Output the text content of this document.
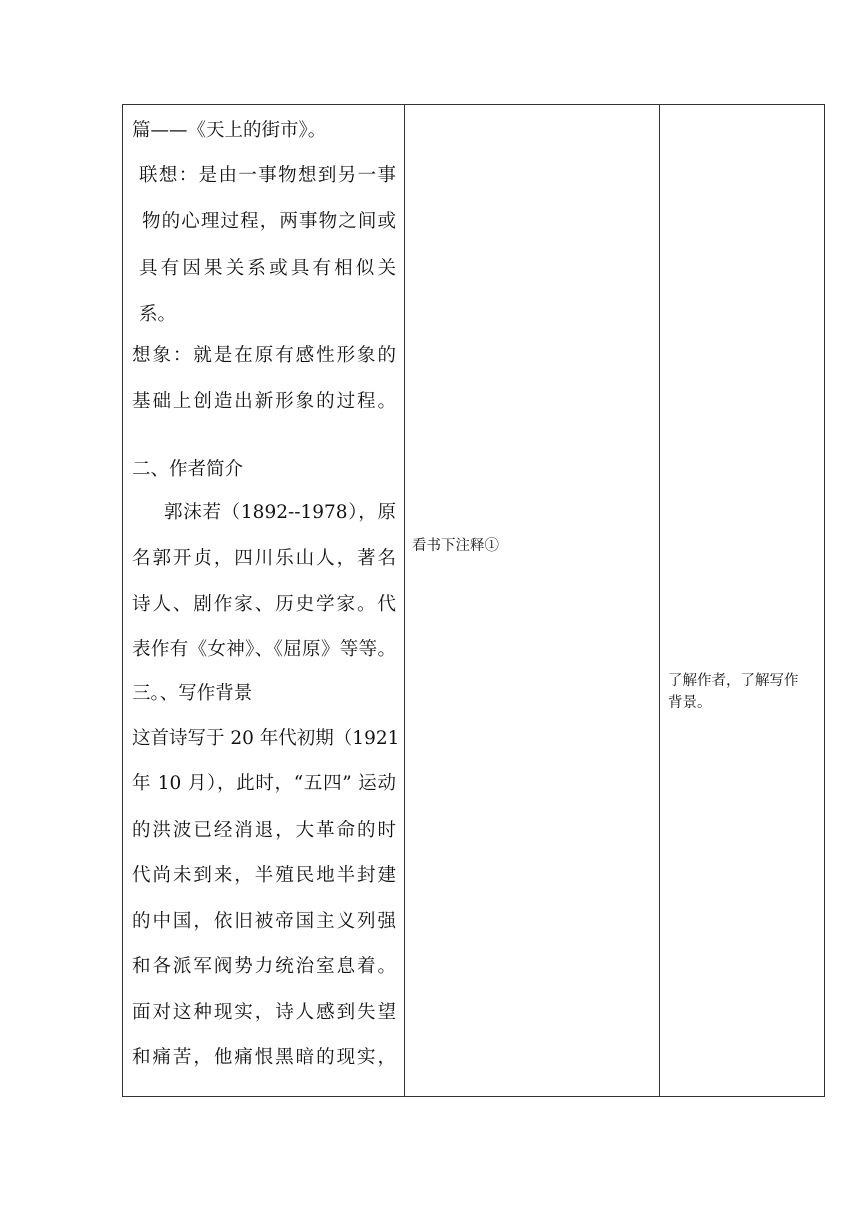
篇——《天上的街市》。
联想：是由一事物想到另一事
物的心理过程，两事物之间或
具有因果关系或具有相似关
系。
想象：就是在原有感性形象的
基础上创造出新形象的过程。
二、作者简介
郭沫若（1892--1978），原
名郭开贞，四川乐山人，著名
诗人、剧作家、历史学家。代
表作有《女神》、《屈原》等等。
三。、写作背景
这首诗写于 20 年代初期（1921
年 10 月），此时，“五四” 运动
的洪波已经消退，大革命的时
代尚未到来，半殖民地半封建
的中国，依旧被帝国主义列强
和各派军阀势力统治室息着。
面对这种现实，诗人感到失望
和痛苦，他痛恨黑暗的现实，
看书下注释①
了解作者，了解写作
背景。
